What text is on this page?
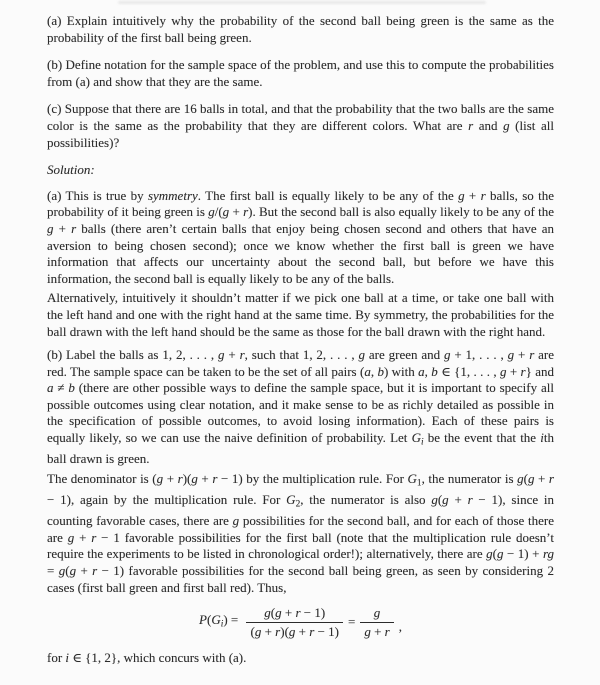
(a) Explain intuitively why the probability of the second ball being green is the same as the probability of the first ball being green.

(b) Define notation for the sample space of the problem, and use this to compute the probabilities from (a) and show that they are the same.

(c) Suppose that there are 16 balls in total, and that the probability that the two balls are the same color is the same as the probability that they are different colors. What are r and g (list all possibilities)?

Solution:

(a) This is true by symmetry. The first ball is equally likely to be any of the g + r balls, so the probability of it being green is g/(g + r). But the second ball is also equally likely to be any of the g + r balls (there aren’t certain balls that enjoy being chosen second and others that have an aversion to being chosen second); once we know whether the first ball is green we have information that affects our uncertainty about the second ball, but before we have this information, the second ball is equally likely to be any of the balls.

Alternatively, intuitively it shouldn’t matter if we pick one ball at a time, or take one ball with the left hand and one with the right hand at the same time. By symmetry, the probabilities for the ball drawn with the left hand should be the same as those for the ball drawn with the right hand.

(b) Label the balls as 1, 2, . . . , g + r, such that 1, 2, . . . , g are green and g + 1, . . . , g + r are red. The sample space can be taken to be the set of all pairs (a, b) with a, b ∈ {1, . . . , g + r} and a ≠ b (there are other possible ways to define the sample space, but it is important to specify all possible outcomes using clear notation, and it make sense to be as richly detailed as possible in the specification of possible outcomes, to avoid losing information). Each of these pairs is equally likely, so we can use the naive definition of probability. Let $G_i$ be the event that the ith ball drawn is green.

The denominator is (g + r)(g + r − 1) by the multiplication rule. For $G_1$, the numerator is g(g + r − 1), again by the multiplication rule. For $G_2$, the numerator is also g(g + r − 1), since in counting favorable cases, there are g possibilities for the second ball, and for each of those there are g + r − 1 favorable possibilities for the first ball (note that the multiplication rule doesn’t require the experiments to be listed in chronological order!); alternatively, there are g(g − 1) + rg = g(g + r − 1) favorable possibilities for the second ball being green, as seen by considering 2 cases (first ball green and first ball red). Thus,

$P(G_i) = \frac{g(g + r - 1)}{(g + r)(g + r - 1)} = \frac{g}{g + r}$ ,

for i ∈ {1, 2}, which concurs with (a).
